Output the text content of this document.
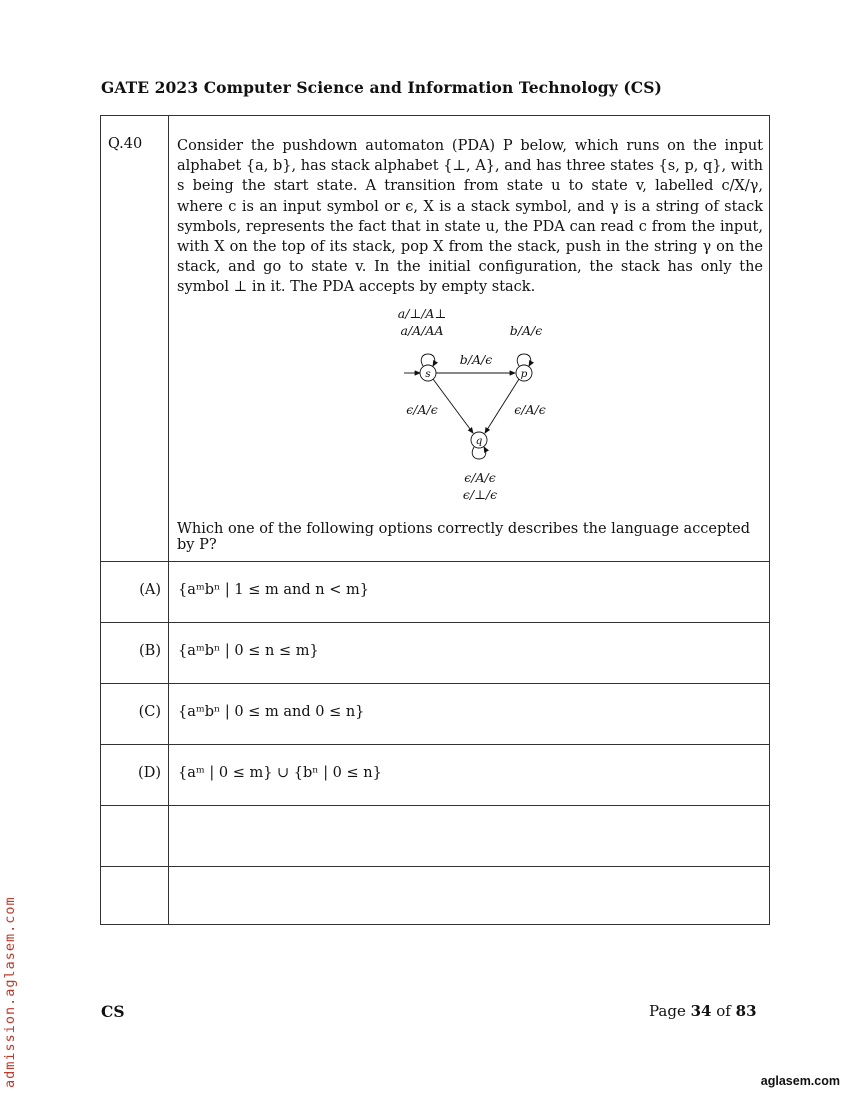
GATE 2023 Computer Science and Information Technology (CS)
Q.40 Consider the pushdown automaton (PDA) P below, which runs on the input alphabet {a, b}, has stack alphabet {⊥, A}, and has three states {s, p, q}, with s being the start state. A transition from state u to state v, labelled c/X/γ, where c is an input symbol or ϵ, X is a stack symbol, and γ is a string of stack symbols, represents the fact that in state u, the PDA can read c from the input, with X on the top of its stack, pop X from the stack, push in the string γ on the stack, and go to state v. In the initial configuration, the stack has only the symbol ⊥ in it. The PDA accepts by empty stack.

s	p
q
a/⊥/A⊥
a/A/AA	b/A/ϵ
b/A/ϵ
ϵ/A/ϵ	ϵ/A/ϵ
ϵ/A/ϵ
ϵ/⊥/ϵ
Which one of the following options correctly describes the language accepted by P?
(A) {aᵐbⁿ | 1 ≤ m and n < m}
(B) {aᵐbⁿ | 0 ≤ n ≤ m}
(C) {aᵐbⁿ | 0 ≤ m and 0 ≤ n}
(D) {aᵐ | 0 ≤ m} ∪ {bⁿ | 0 ≤ n}
CS	Page 34 of 83
admission.aglasem.com	aglasem.com
